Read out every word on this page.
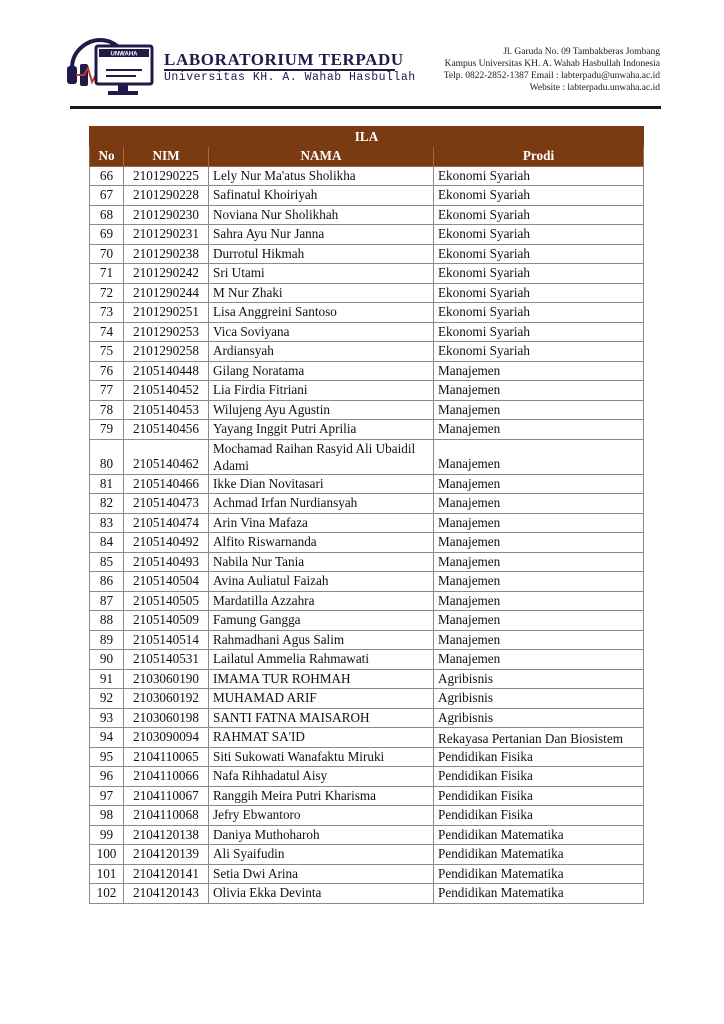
UNWAHA LABORATORIUM TERPADU
Universitas KH. A. Wahab Hasbullah
Jl. Garuda No. 09 Tambakberas Jombang
Kampus Universitas KH. A. Wahab Hasbullah Indonesia
Telp. 0822-2852-1387 Email : labterpadu@unwaha.ac.id
Website : labterpadu.unwaha.ac.id
ILA			
No	NIM	NAMA	Prodi
66	2101290225	Lely Nur Ma'atus Sholikha	Ekonomi Syariah
67	2101290228	Safinatul Khoiriyah	Ekonomi Syariah
68	2101290230	Noviana Nur Sholikhah	Ekonomi Syariah
69	2101290231	Sahra Ayu Nur Janna	Ekonomi Syariah
70	2101290238	Durrotul Hikmah	Ekonomi Syariah
71	2101290242	Sri Utami	Ekonomi Syariah
72	2101290244	M Nur Zhaki	Ekonomi Syariah
73	2101290251	Lisa Anggreini Santoso	Ekonomi Syariah
74	2101290253	Vica Soviyana	Ekonomi Syariah
75	2101290258	Ardiansyah	Ekonomi Syariah
76	2105140448	Gilang Noratama	Manajemen
77	2105140452	Lia Firdia Fitriani	Manajemen
78	2105140453	Wilujeng Ayu Agustin	Manajemen
79	2105140456	Yayang Inggit Putri Aprilia	Manajemen
80	2105140462	Mochamad Raihan Rasyid Ali Ubaidil Adami	Manajemen
81	2105140466	Ikke Dian Novitasari	Manajemen
82	2105140473	Achmad Irfan Nurdiansyah	Manajemen
83	2105140474	Arin Vina Mafaza	Manajemen
84	2105140492	Alfito Riswarnanda	Manajemen
85	2105140493	Nabila Nur Tania	Manajemen
86	2105140504	Avina Auliatul Faizah	Manajemen
87	2105140505	Mardatilla Azzahra	Manajemen
88	2105140509	Famung Gangga	Manajemen
89	2105140514	Rahmadhani Agus Salim	Manajemen
90	2105140531	Lailatul Ammelia Rahmawati	Manajemen
91	2103060190	IMAMA TUR ROHMAH	Agribisnis
92	2103060192	MUHAMAD ARIF	Agribisnis
93	2103060198	SANTI FATNA MAISAROH	Agribisnis
94	2103090094	RAHMAT SA'ID	Rekayasa Pertanian Dan Biosistem
95	2104110065	Siti Sukowati Wanafaktu Miruki	Pendidikan Fisika
96	2104110066	Nafa Rihhadatul Aisy	Pendidikan Fisika
97	2104110067	Ranggih Meira Putri Kharisma	Pendidikan Fisika
98	2104110068	Jefry Ebwantoro	Pendidikan Fisika
99	2104120138	Daniya Muthoharoh	Pendidikan Matematika
100	2104120139	Ali Syaifudin	Pendidikan Matematika
101	2104120141	Setia Dwi Arina	Pendidikan Matematika
102	2104120143	Olivia Ekka Devinta	Pendidikan Matematika
